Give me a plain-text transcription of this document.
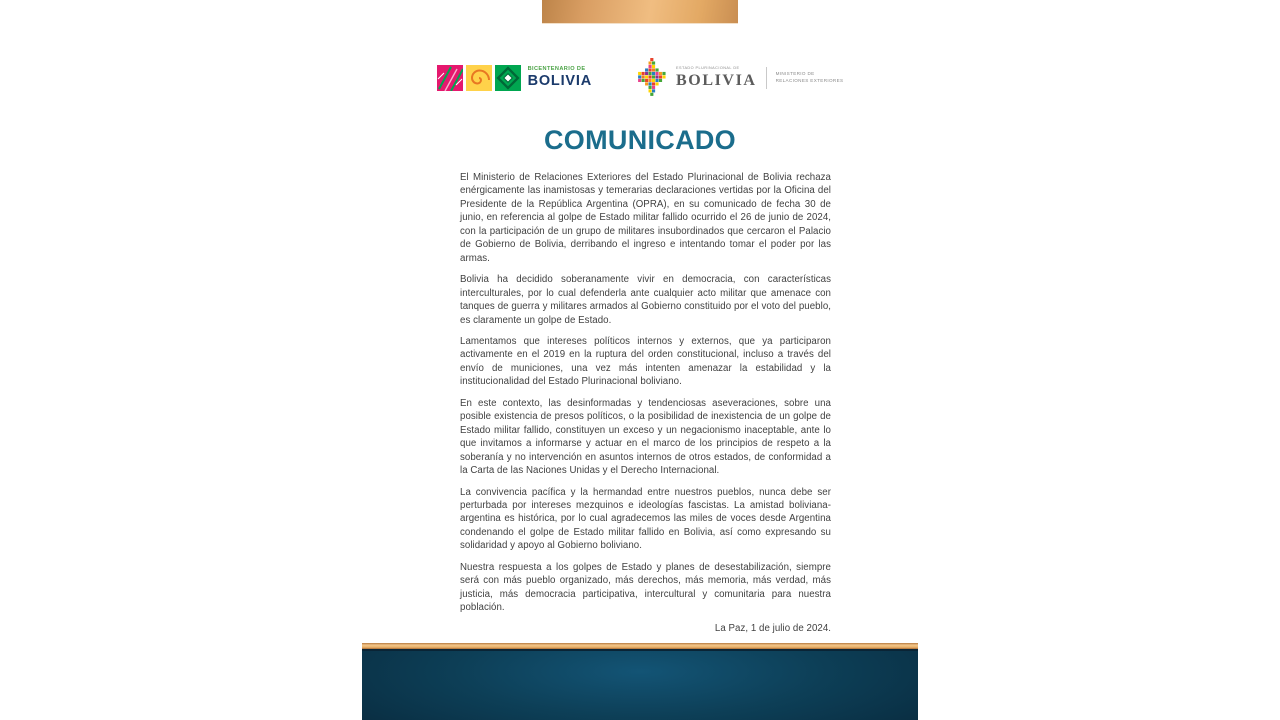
BICENTENARIO DE
BOLIVIA
ESTADO PLURINACIONAL DE
BOLIVIA	MINISTERIO DE
RELACIONES EXTERIORES
COMUNICADO

El Ministerio de Relaciones Exteriores del Estado Plurinacional de Bolivia rechaza enérgicamente las inamistosas y temerarias declaraciones vertidas por la Oficina del Presidente de la República Argentina (OPRA), en su comunicado de fecha 30 de junio, en referencia al golpe de Estado militar fallido ocurrido el 26 de junio de 2024, con la participación de un grupo de militares insubordinados que cercaron el Palacio de Gobierno de Bolivia, derribando el ingreso e intentando tomar el poder por las armas.

Bolivia ha decidido soberanamente vivir en democracia, con características interculturales, por lo cual defenderla ante cualquier acto militar que amenace con tanques de guerra y militares armados al Gobierno constituido por el voto del pueblo, es claramente un golpe de Estado.

Lamentamos que intereses políticos internos y externos, que ya participaron activamente en el 2019 en la ruptura del orden constitucional, incluso a través del envío de municiones, una vez más intenten amenazar la estabilidad y la institucionalidad del Estado Plurinacional boliviano.

En este contexto, las desinformadas y tendenciosas aseveraciones, sobre una posible existencia de presos políticos, o la posibilidad de inexistencia de un golpe de Estado militar fallido, constituyen un exceso y un negacionismo inaceptable, ante lo que invitamos a informarse y actuar en el marco de los principios de respeto a la soberanía y no intervención en asuntos internos de otros estados, de conformidad a la Carta de las Naciones Unidas y el Derecho Internacional.

La convivencia pacífica y la hermandad entre nuestros pueblos, nunca debe ser perturbada por intereses mezquinos e ideologías fascistas. La amistad boliviana-argentina es histórica, por lo cual agradecemos las miles de voces desde Argentina condenando el golpe de Estado militar fallido en Bolivia, así como expresando su solidaridad y apoyo al Gobierno boliviano.

Nuestra respuesta a los golpes de Estado y planes de desestabilización, siempre será con más pueblo organizado, más derechos, más memoria, más verdad, más justicia, más democracia participativa, intercultural y comunitaria para nuestra población.

La Paz, 1 de julio de 2024.
